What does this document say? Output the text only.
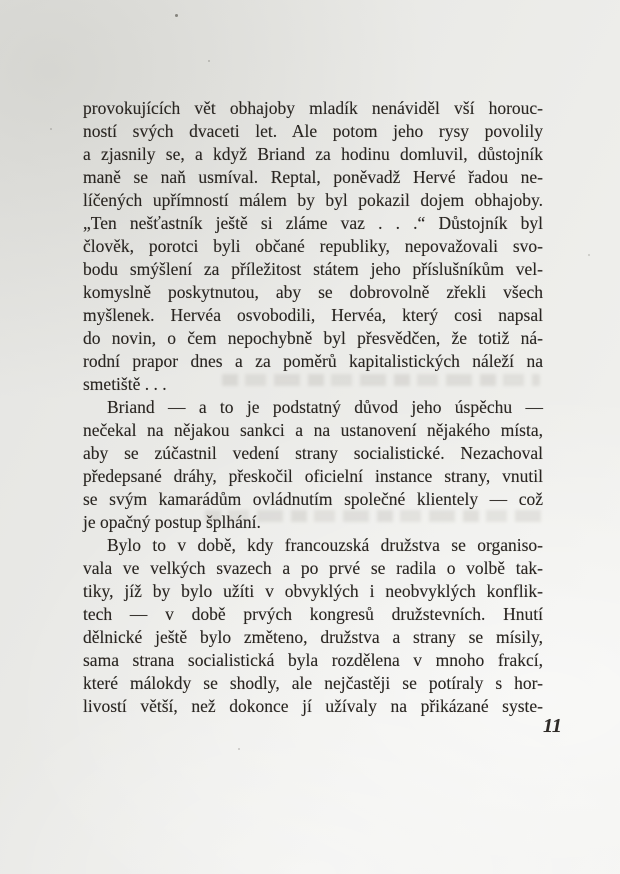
provokujících vět obhajoby mladík nenáviděl vší horouc-
ností svých dvaceti let. Ale potom jeho rysy povolily
a zjasnily se, a když Briand za hodinu domluvil, důstojník
maně se naň usmíval. Reptal, poněvadž Hervé řadou ne-
líčených upřímností málem by byl pokazil dojem obhajoby.
„Ten nešťastník ještě si zláme vaz . . .“ Důstojník byl
člověk, porotci byli občané republiky, nepovažovali svo-
bodu smýšlení za příležitost státem jeho příslušníkům vel-
komyslně poskytnutou, aby se dobrovolně zřekli všech
myšlenek. Hervéa osvobodili, Hervéa, který cosi napsal
do novin, o čem nepochybně byl přesvědčen, že totiž ná-
rodní prapor dnes a za poměrů kapitalistických náleží na
smetiště . . .
Briand — a to je podstatný důvod jeho úspěchu —
nečekal na nějakou sankci a na ustanovení nějakého místa,
aby se zúčastnil vedení strany socialistické. Nezachoval
předepsané dráhy, přeskočil oficielní instance strany, vnutil
se svým kamarádům ovládnutím společné klientely — což
je opačný postup šplhání.
Bylo to v době, kdy francouzská družstva se organiso-
vala ve velkých svazech a po prvé se radila o volbě tak-
tiky, jíž by bylo užíti v obvyklých i neobvyklých konflik-
tech — v době prvých kongresů družstevních. Hnutí
dělnické ještě bylo změteno, družstva a strany se mísily,
sama strana socialistická byla rozdělena v mnoho frakcí,
které málokdy se shodly, ale nejčastěji se potíraly s hor-
livostí větší, než dokonce jí užívaly na přikázané syste-
11
